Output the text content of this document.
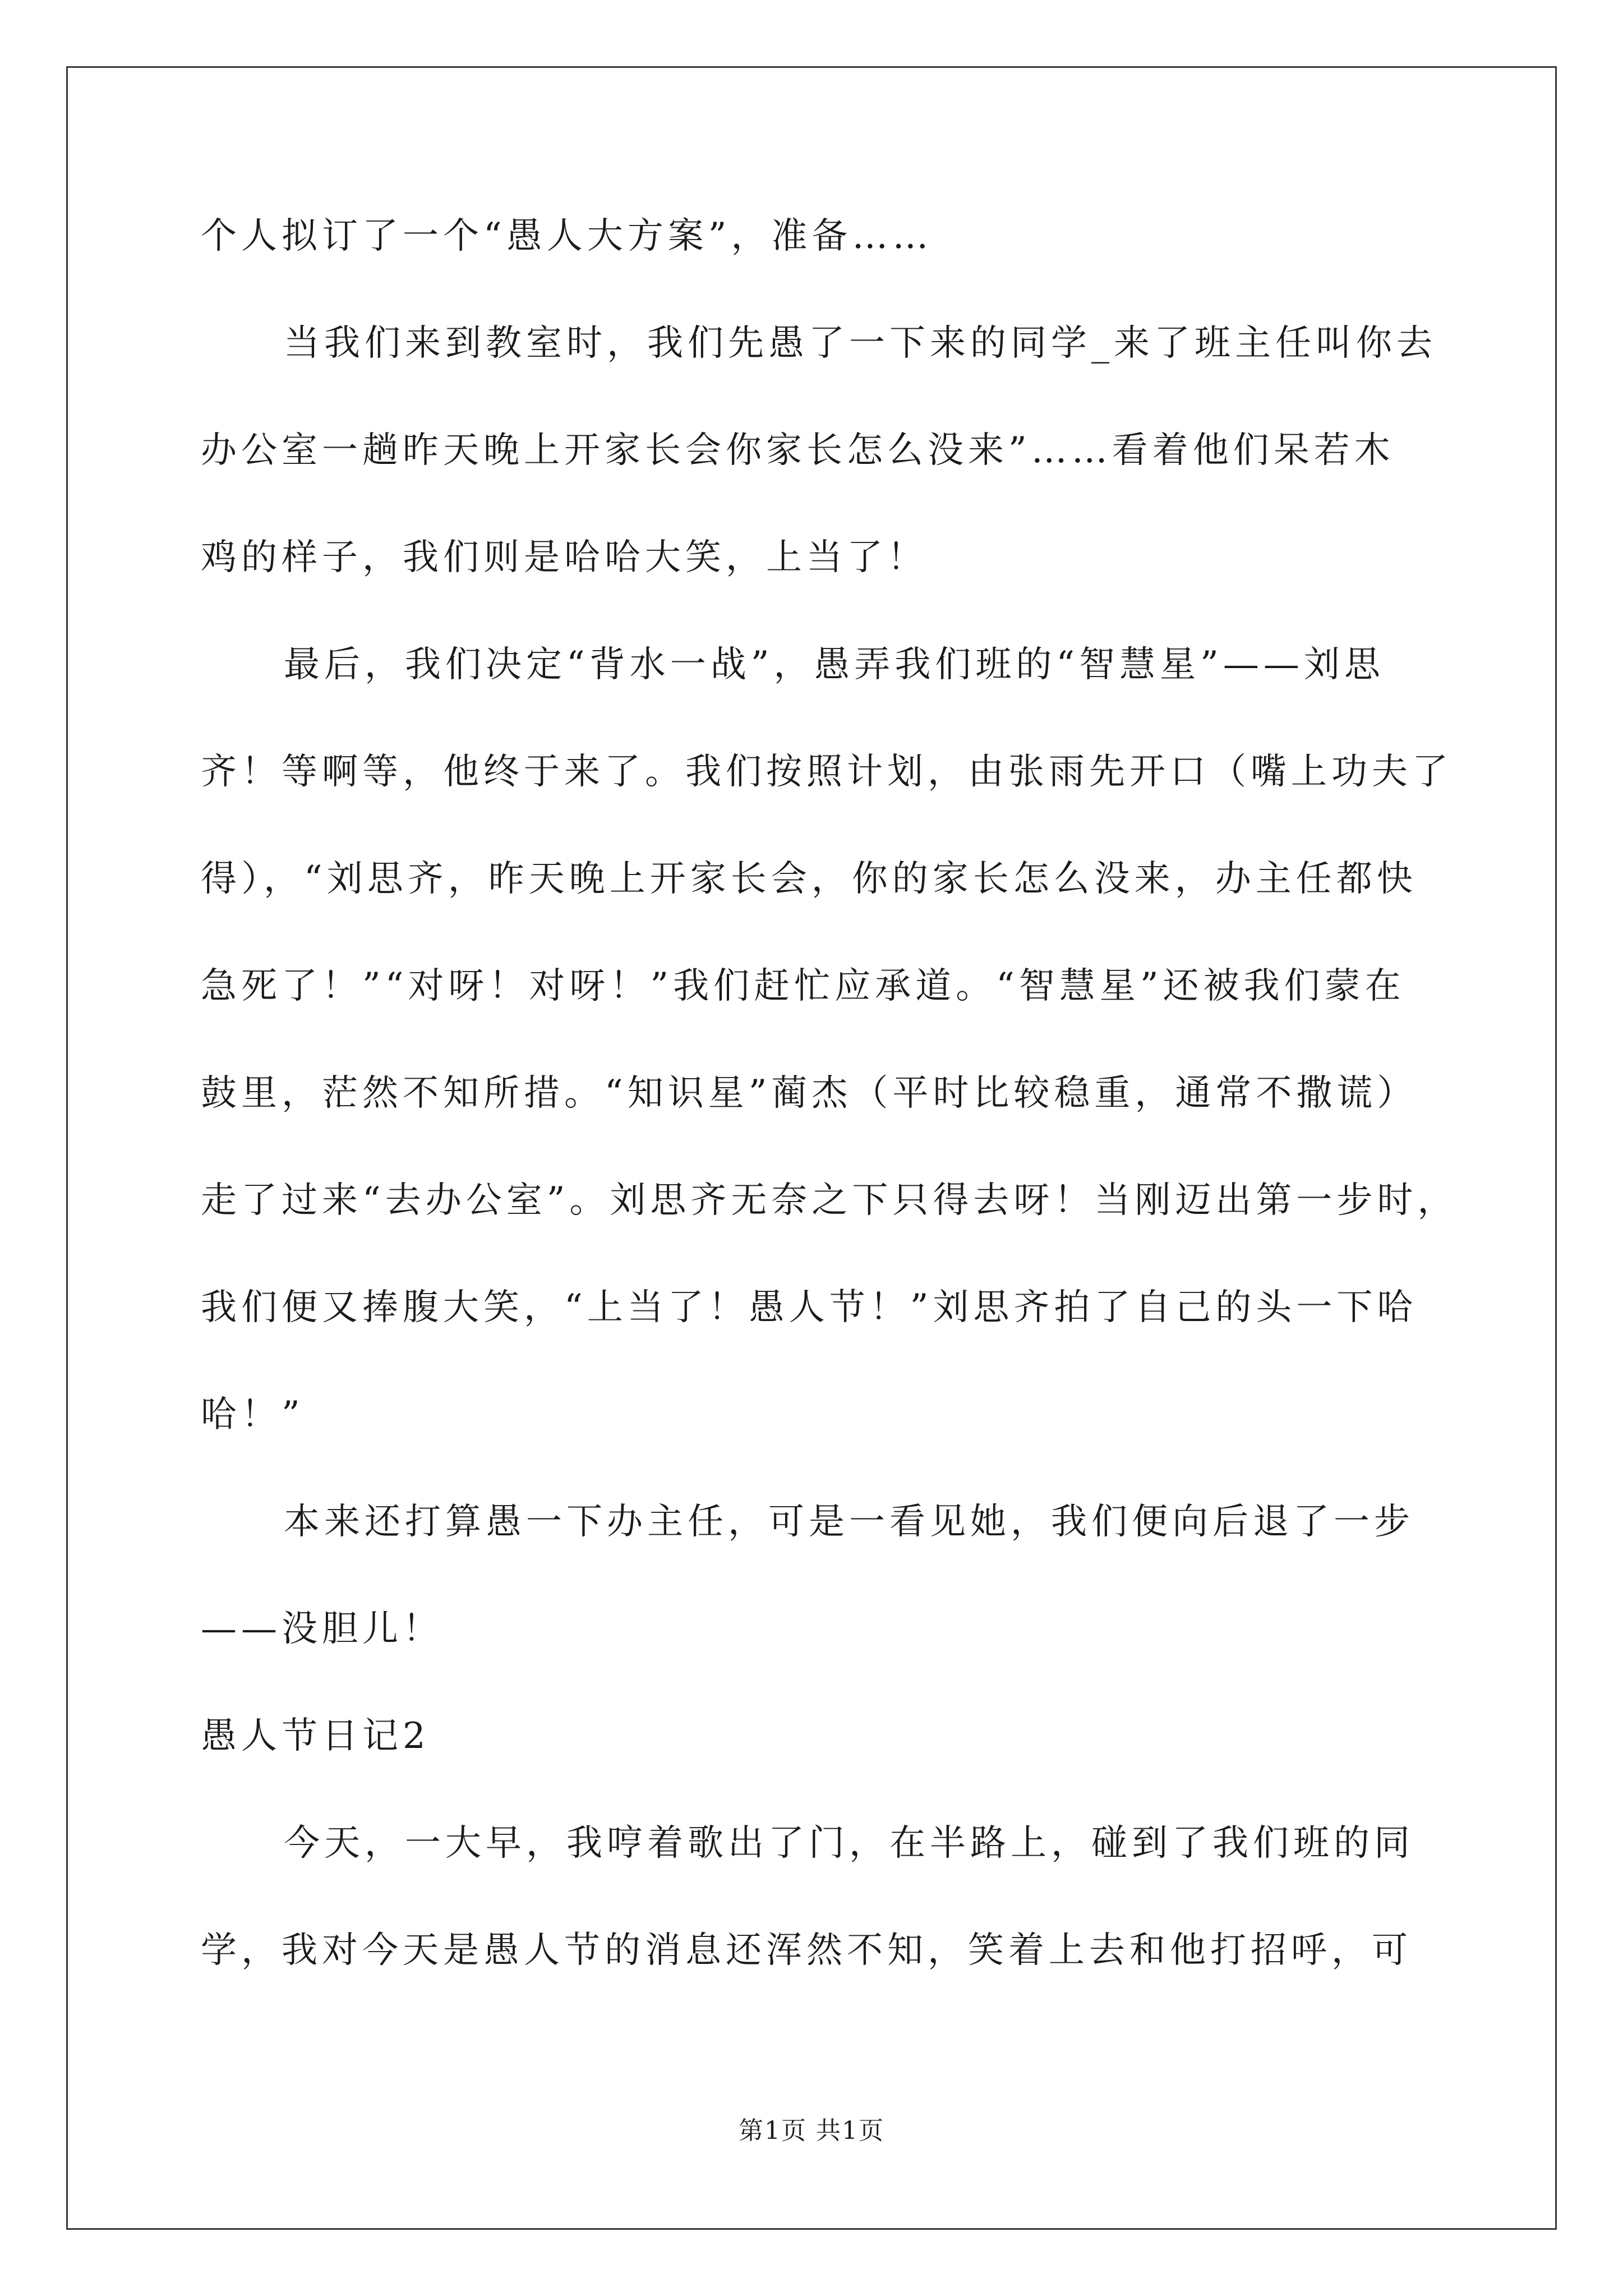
个人拟订了一个“愚人大方案”，准备……
当我们来到教室时，我们先愚了一下来的同学_来了班主任叫你去
办公室一趟昨天晚上开家长会你家长怎么没来”……看着他们呆若木
鸡的样子，我们则是哈哈大笑，上当了！
最后，我们决定“背水一战”，愚弄我们班的“智慧星”——刘思
齐！等啊等，他终于来了。我们按照计划，由张雨先开口（嘴上功夫了
得），“刘思齐，昨天晚上开家长会，你的家长怎么没来，办主任都快
急死了！”“对呀！对呀！”我们赶忙应承道。“智慧星”还被我们蒙在
鼓里，茫然不知所措。“知识星”蔺杰（平时比较稳重，通常不撒谎）
走了过来“去办公室”。刘思齐无奈之下只得去呀！当刚迈出第一步时，
我们便又捧腹大笑，“上当了！愚人节！”刘思齐拍了自己的头一下哈
哈！”
本来还打算愚一下办主任，可是一看见她，我们便向后退了一步
——没胆儿！
愚人节日记2
今天，一大早，我哼着歌出了门，在半路上，碰到了我们班的同
学，我对今天是愚人节的消息还浑然不知，笑着上去和他打招呼，可
第1页 共1页
